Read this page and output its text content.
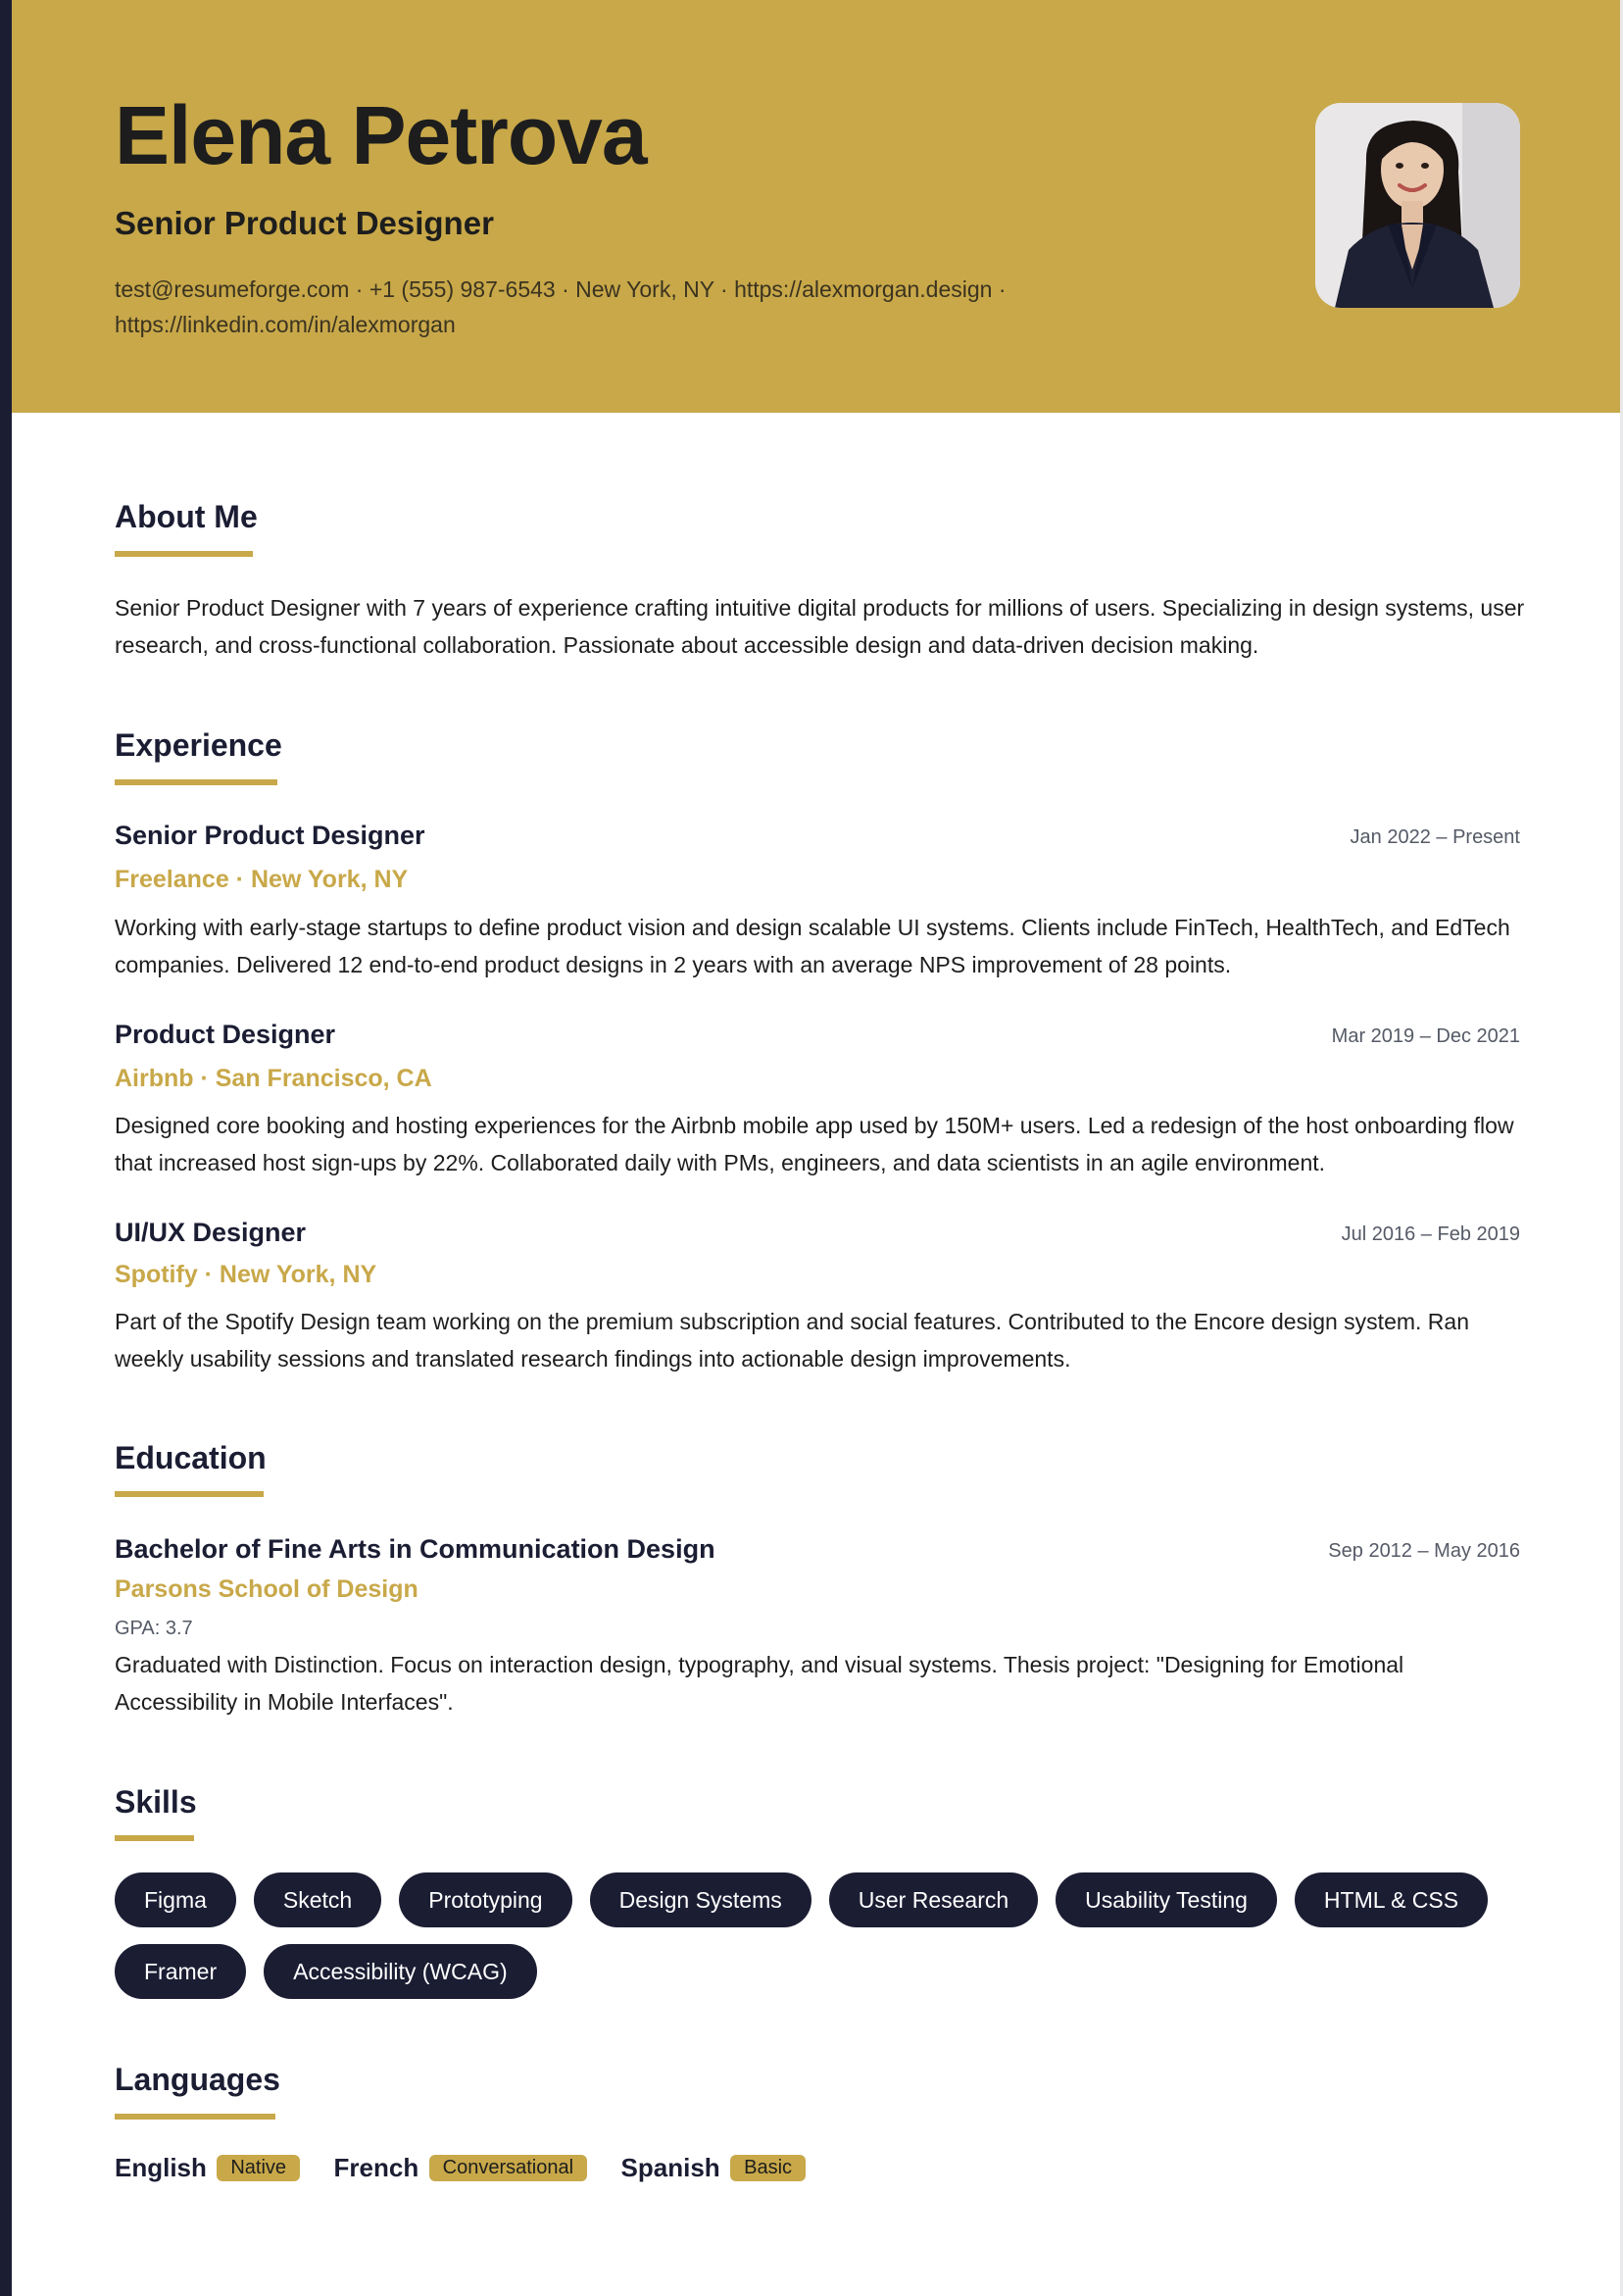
Elena Petrova
Senior Product Designer

test@resumeforge.com · +1 (555) 987-6543 · New York, NY · https://alexmorgan.design ·
https://linkedin.com/in/alexmorgan

About Me

Senior Product Designer with 7 years of experience crafting intuitive digital products for millions of users. Specializing in design systems, user research, and cross-functional collaboration. Passionate about accessible design and data-driven decision making.

Experience

Senior Product Designer	Jan 2022 – Present

Freelance · New York, NY

Working with early-stage startups to define product vision and design scalable UI systems. Clients include FinTech, HealthTech, and EdTech companies. Delivered 12 end-to-end product designs in 2 years with an average NPS improvement of 28 points.

Product Designer	Mar 2019 – Dec 2021

Airbnb · San Francisco, CA

Designed core booking and hosting experiences for the Airbnb mobile app used by 150M+ users. Led a redesign of the host onboarding flow that increased host sign-ups by 22%. Collaborated daily with PMs, engineers, and data scientists in an agile environment.

UI/UX Designer	Jul 2016 – Feb 2019

Spotify · New York, NY

Part of the Spotify Design team working on the premium subscription and social features. Contributed to the Encore design system. Ran weekly usability sessions and translated research findings into actionable design improvements.

Education

Bachelor of Fine Arts in Communication Design	Sep 2012 – May 2016

Parsons School of Design

GPA: 3.7

Graduated with Distinction. Focus on interaction design, typography, and visual systems. Thesis project: "Designing for Emotional Accessibility in Mobile Interfaces".

Skills
Figma	Sketch	Prototyping	Design Systems	User Research	Usability Testing	HTML & CSS
Framer	Accessibility (WCAG)
Languages
English Native French Conversational Spanish Basic
